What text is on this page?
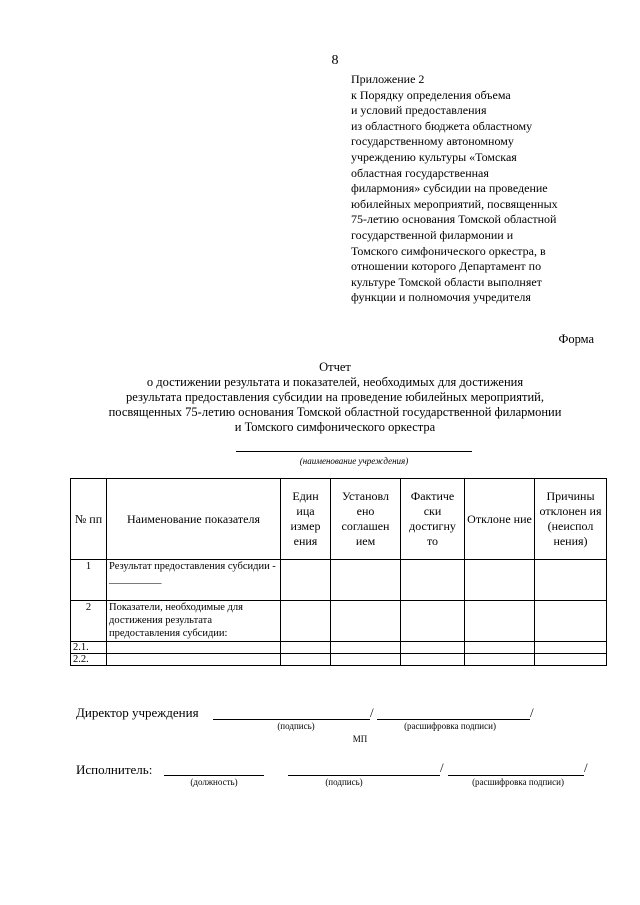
8
Приложение 2
к Порядку определения объема
и условий предоставления
из областного бюджета областному
государственному автономному
учреждению культуры «Томская
областная государственная
филармония» субсидии на проведение
юбилейных мероприятий, посвященных
75-летию основания Томской областной
государственной филармонии и
Томского симфонического оркестра, в
отношении которого Департамент по
культуре Томской области выполняет
функции и полномочия учредителя
Форма
Отчет
о достижении результата и показателей, необходимых для достижения
результата предоставления субсидии на проведение юбилейных мероприятий,
посвященных 75-летию основания Томской областной государственной филармонии
и Томского симфонического оркестра
(наименование учреждения)
№ пп	Наименование показателя	Един ица измер ения	Установл ено соглашен ием	Фактиче ски достигну то	Отклоне ние	Причины отклонен ия (неиспол нения)
1	Результат предоставления субсидии - __________					
2	Показатели, необходимые для достижения результата предоставления субсидии:					
2.1.						
2.2.						
Директор учреждения	/	/
(подпись)	(расшифровка подписи)
МП
Исполнитель:	/	/
(должность)	(подпись)	(расшифровка подписи)
